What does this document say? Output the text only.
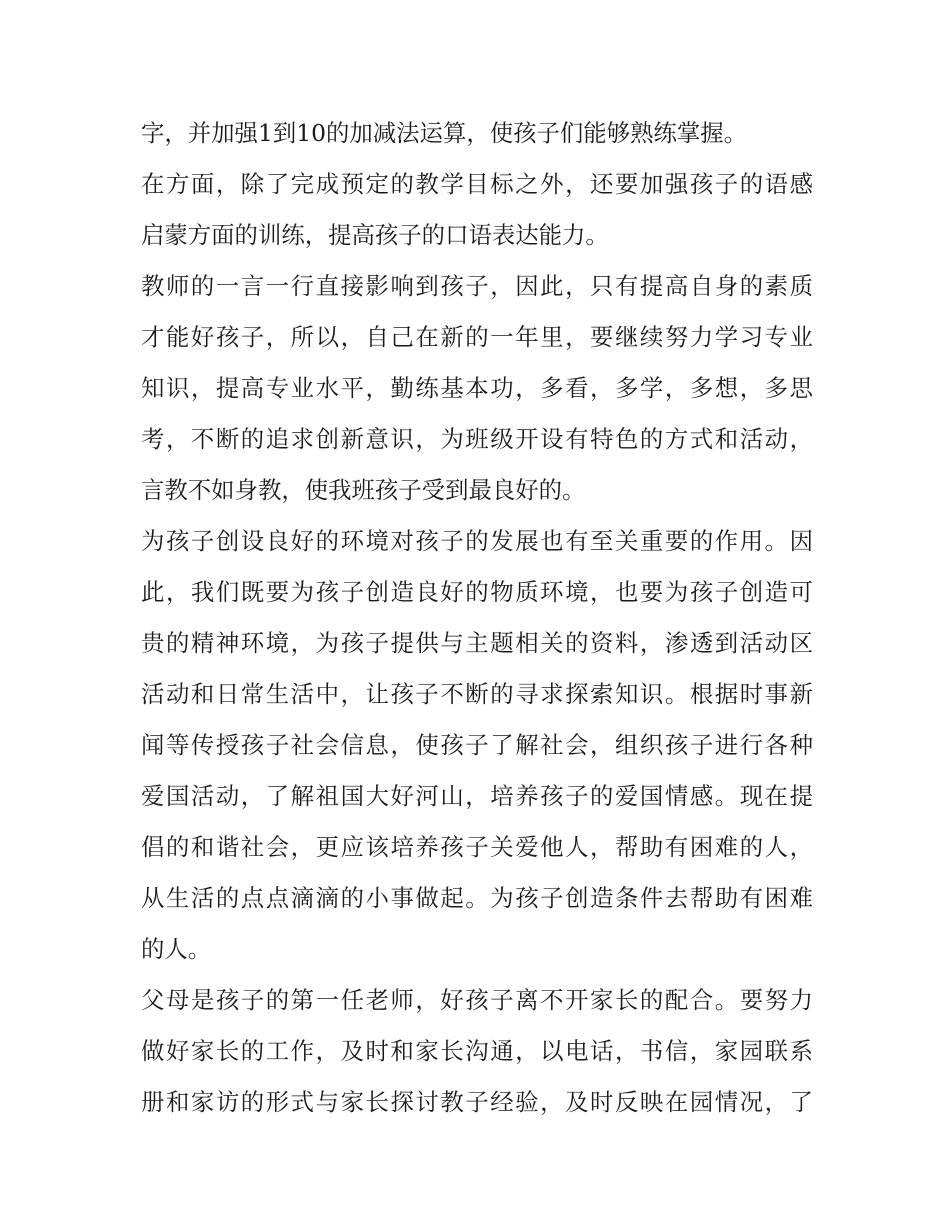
字，并加强1到10的加减法运算，使孩子们能够熟练掌握。
在方面，除了完成预定的教学目标之外，还要加强孩子的语感
启蒙方面的训练，提高孩子的口语表达能力。
教师的一言一行直接影响到孩子，因此，只有提高自身的素质
才能好孩子，所以，自己在新的一年里，要继续努力学习专业
知识，提高专业水平，勤练基本功，多看，多学，多想，多思
考，不断的追求创新意识，为班级开设有特色的方式和活动，
言教不如身教，使我班孩子受到最良好的。
为孩子创设良好的环境对孩子的发展也有至关重要的作用。因
此，我们既要为孩子创造良好的物质环境，也要为孩子创造可
贵的精神环境，为孩子提供与主题相关的资料，渗透到活动区
活动和日常生活中，让孩子不断的寻求探索知识。根据时事新
闻等传授孩子社会信息，使孩子了解社会，组织孩子进行各种
爱国活动，了解祖国大好河山，培养孩子的爱国情感。现在提
倡的和谐社会，更应该培养孩子关爱他人，帮助有困难的人，
从生活的点点滴滴的小事做起。为孩子创造条件去帮助有困难
的人。
父母是孩子的第一任老师，好孩子离不开家长的配合。要努力
做好家长的工作，及时和家长沟通，以电话，书信，家园联系
册和家访的形式与家长探讨教子经验，及时反映在园情况，了
